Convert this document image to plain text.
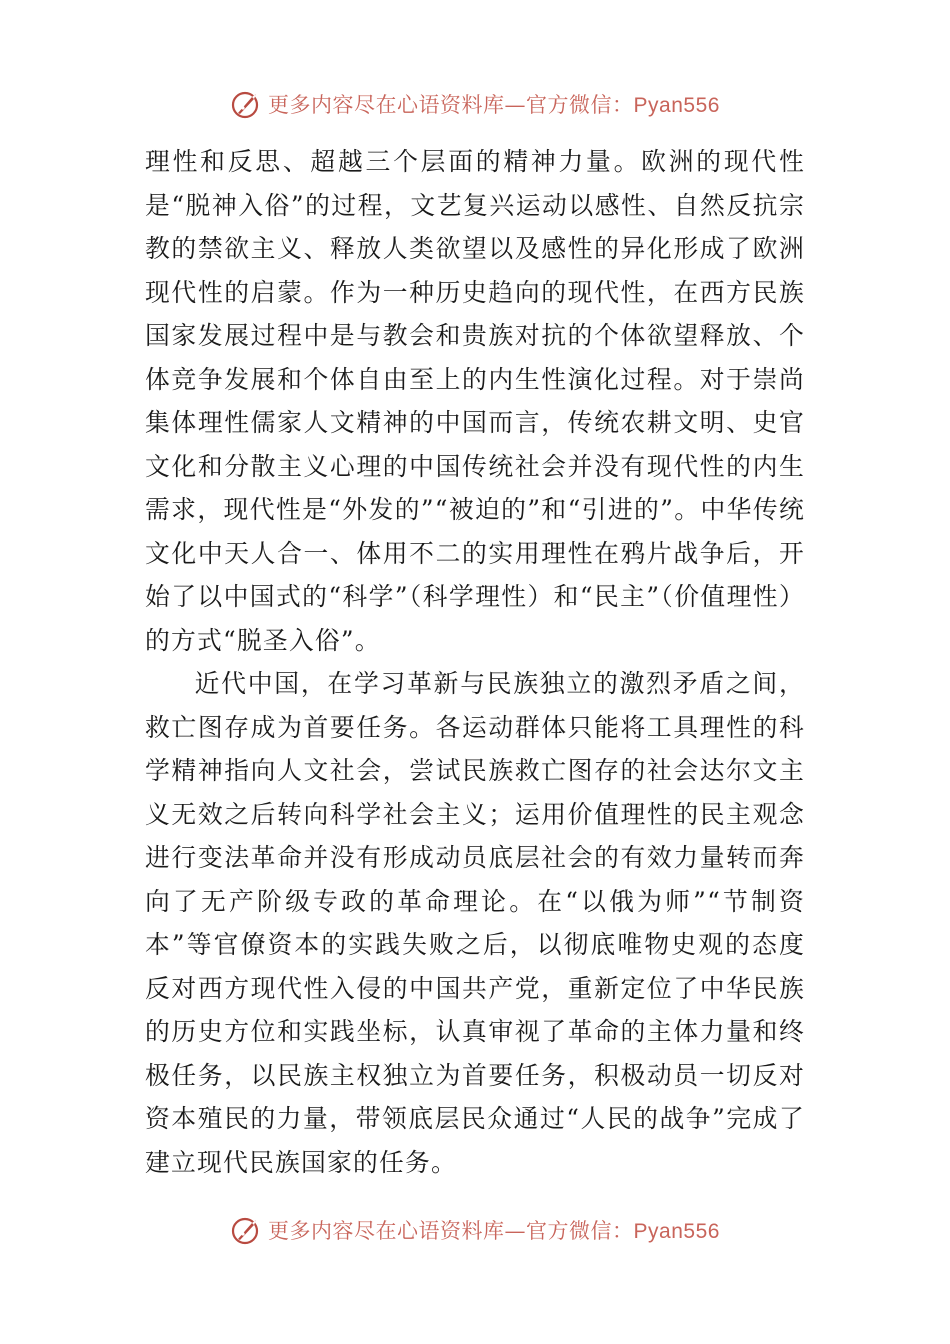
更多内容尽在心语资料库—官方微信：Pyan556

理性和反思、超越三个层面的精神力量。欧洲的现代性是“脱神入俗”的过程，文艺复兴运动以感性、自然反抗宗教的禁欲主义、释放人类欲望以及感性的异化形成了欧洲现代性的启蒙。作为一种历史趋向的现代性，在西方民族国家发展过程中是与教会和贵族对抗的个体欲望释放、个体竞争发展和个体自由至上的内生性演化过程。对于崇尚集体理性儒家人文精神的中国而言，传统农耕文明、史官文化和分散主义心理的中国传统社会并没有现代性的内生需求，现代性是“外发的”“被迫的”和“引进的”。中华传统文化中天人合一、体用不二的实用理性在鸦片战争后，开始了以中国式的“科学”（科学理性）和“民主”（价值理性）的方式“脱圣入俗”。

近代中国，在学习革新与民族独立的激烈矛盾之间，救亡图存成为首要任务。各运动群体只能将工具理性的科学精神指向人文社会，尝试民族救亡图存的社会达尔文主义无效之后转向科学社会主义；运用价值理性的民主观念进行变法革命并没有形成动员底层社会的有效力量转而奔向了无产阶级专政的革命理论。在“以俄为师”“节制资本”等官僚资本的实践失败之后，以彻底唯物史观的态度反对西方现代性入侵的中国共产党，重新定位了中华民族的历史方位和实践坐标，认真审视了革命的主体力量和终极任务，以民族主权独立为首要任务，积极动员一切反对资本殖民的力量，带领底层民众通过“人民的战争”完成了建立现代民族国家的任务。

更多内容尽在心语资料库—官方微信：Pyan556
